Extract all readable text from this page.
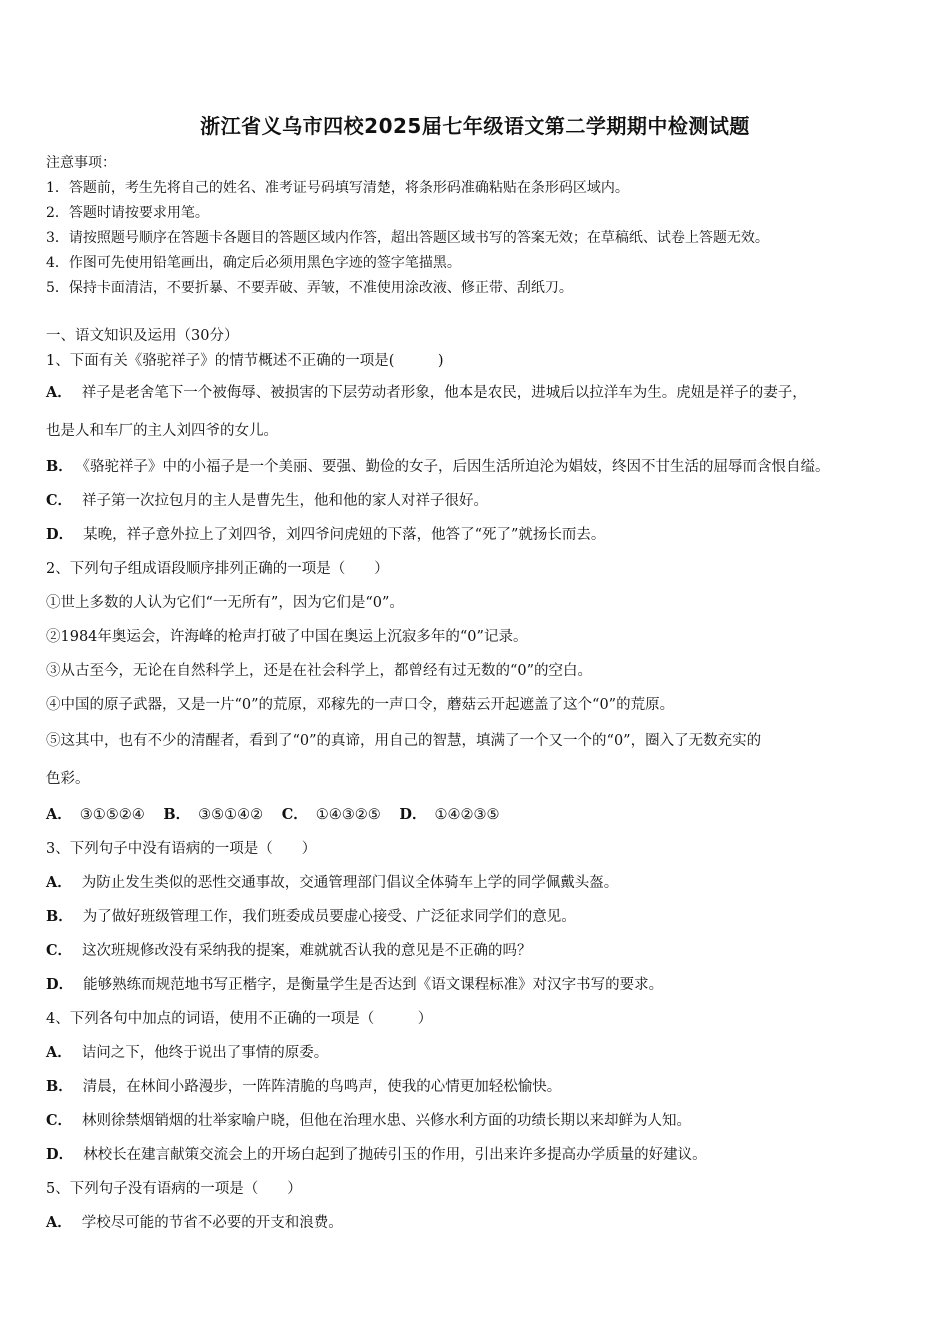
浙江省义乌市四校2025届七年级语文第二学期期中检测试题
注意事项：
1．答题前，考生先将自己的姓名、准考证号码填写清楚，将条形码准确粘贴在条形码区域内。
2．答题时请按要求用笔。
3．请按照题号顺序在答题卡各题目的答题区域内作答，超出答题区域书写的答案无效；在草稿纸、试卷上答题无效。
4．作图可先使用铅笔画出，确定后必须用黑色字迹的签字笔描黑。
5．保持卡面清洁，不要折暴、不要弄破、弄皱，不准使用涂改液、修正带、刮纸刀。
一、语文知识及运用（30分）
1、下面有关《骆驼祥子》的情节概述不正确的一项是(　　　)
A． 祥子是老舍笔下一个被侮辱、被损害的下层劳动者形象，他本是农民，进城后以拉洋车为生。虎妞是祥子的妻子，
也是人和车厂的主人刘四爷的女儿。
B． 《骆驼祥子》中的小福子是一个美丽、要强、勤俭的女子，后因生活所迫沦为娼妓，终因不甘生活的屈辱而含恨自缢。
C． 祥子第一次拉包月的主人是曹先生，他和他的家人对祥子很好。
D． 某晚，祥子意外拉上了刘四爷，刘四爷问虎妞的下落，他答了“死了”就扬长而去。
2、下列句子组成语段顺序排列正确的一项是（　　）
①世上多数的人认为它们“一无所有”，因为它们是“0”。
②1984年奥运会，许海峰的枪声打破了中国在奥运上沉寂多年的“0”记录。
③从古至今，无论在自然科学上，还是在社会科学上，都曾经有过无数的“0”的空白。
④中国的原子武器，又是一片“0”的荒原，邓稼先的一声口令，蘑菇云开起遮盖了这个“0”的荒原。
⑤这其中，也有不少的清醒者，看到了“0”的真谛，用自己的智慧，填满了一个又一个的“0”，圈入了无数充实的
色彩。
A． ③①⑤②④ B． ③⑤①④② C． ①④③②⑤ D． ①④②③⑤
3、下列句子中没有语病的一项是（　　）
A． 为防止发生类似的恶性交通事故，交通管理部门倡议全体骑车上学的同学佩戴头盔。
B． 为了做好班级管理工作，我们班委成员要虚心接受、广泛征求同学们的意见。
C． 这次班规修改没有采纳我的提案，难就就否认我的意见是不正确的吗？
D． 能够熟练而规范地书写正楷字，是衡量学生是否达到《语文课程标准》对汉字书写的要求。
4、下列各句中加点的词语，使用不正确的一项是（　　　）
A． 诘问之下，他终于说出了事情的原委。
B． 清晨，在林间小路漫步，一阵阵清脆的鸟鸣声，使我的心情更加轻松愉快。
C． 林则徐禁烟销烟的壮举家喻户晓，但他在治理水患、兴修水利方面的功绩长期以来却鲜为人知。
D． 林校长在建言献策交流会上的开场白起到了抛砖引玉的作用，引出来许多提高办学质量的好建议。
5、下列句子没有语病的一项是（　　）
A． 学校尽可能的节省不必要的开支和浪费。
